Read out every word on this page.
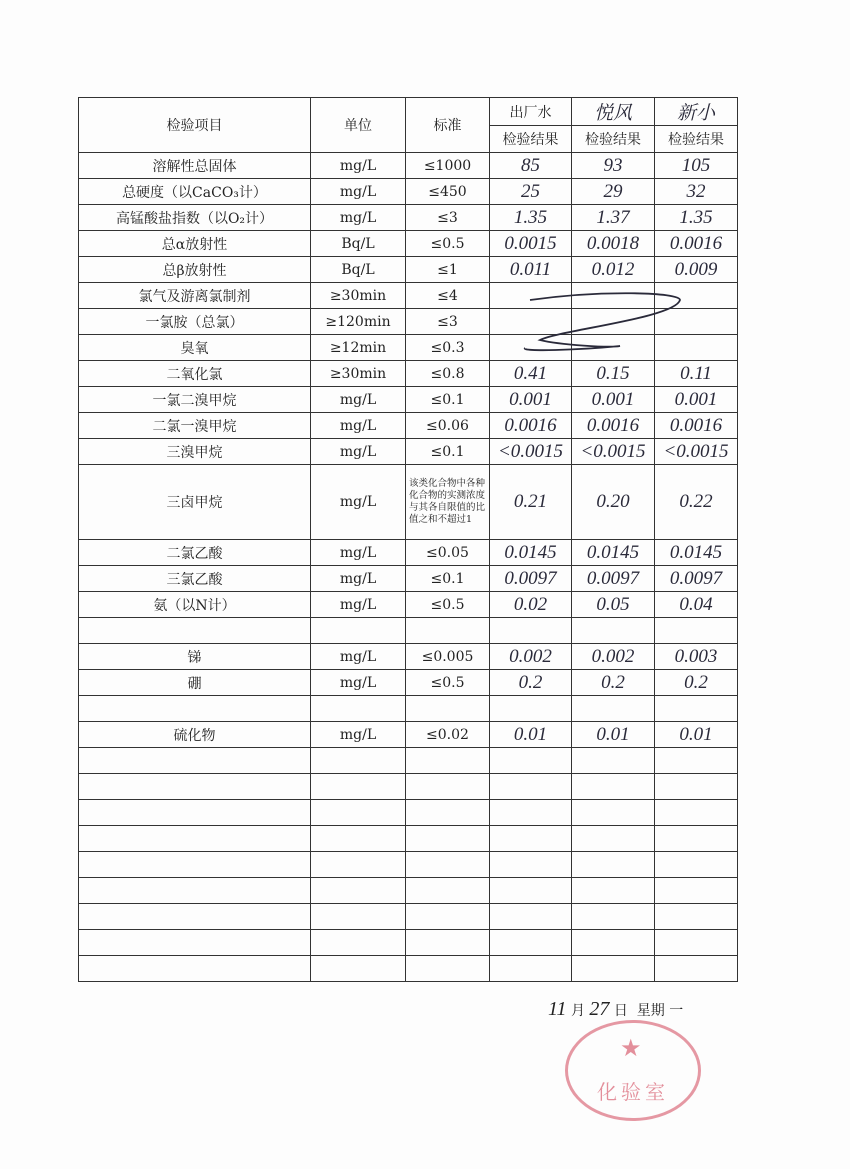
检验项目	单位	标准	出厂水	悦风	新小
			检验结果	检验结果	检验结果
溶解性总固体	mg/L	≤1000	85	93	105
总硬度（以CaCO₃计）	mg/L	≤450	25	29	32
高锰酸盐指数（以O₂计）	mg/L	≤3	1.35	1.37	1.35
总α放射性	Bq/L	≤0.5	0.0015	0.0018	0.0016
总β放射性	Bq/L	≤1	0.011	0.012	0.009
氯气及游离氯制剂	≥30min	≤4			
一氯胺（总氯）	≥120min	≤3			
臭氧	≥12min	≤0.3			
二氧化氯	≥30min	≤0.8	0.41	0.15	0.11
一氯二溴甲烷	mg/L	≤0.1	0.001	0.001	0.001
二氯一溴甲烷	mg/L	≤0.06	0.0016	0.0016	0.0016
三溴甲烷	mg/L	≤0.1	<0.0015	<0.0015	<0.0015
三卤甲烷	mg/L	该类化合物中各种化合物的实测浓度与其各自限值的比值之和不超过1	0.21	0.20	0.22
二氯乙酸	mg/L	≤0.05	0.0145	0.0145	0.0145
三氯乙酸	mg/L	≤0.1	0.0097	0.0097	0.0097
氨（以N计）	mg/L	≤0.5	0.02	0.05	0.04

锑	mg/L	≤0.005	0.002	0.002	0.003
硼	mg/L	≤0.5	0.2	0.2	0.2

硫化物	mg/L	≤0.02	0.01	0.01	0.01

★
化验室
11 月 27 日 星期 一
